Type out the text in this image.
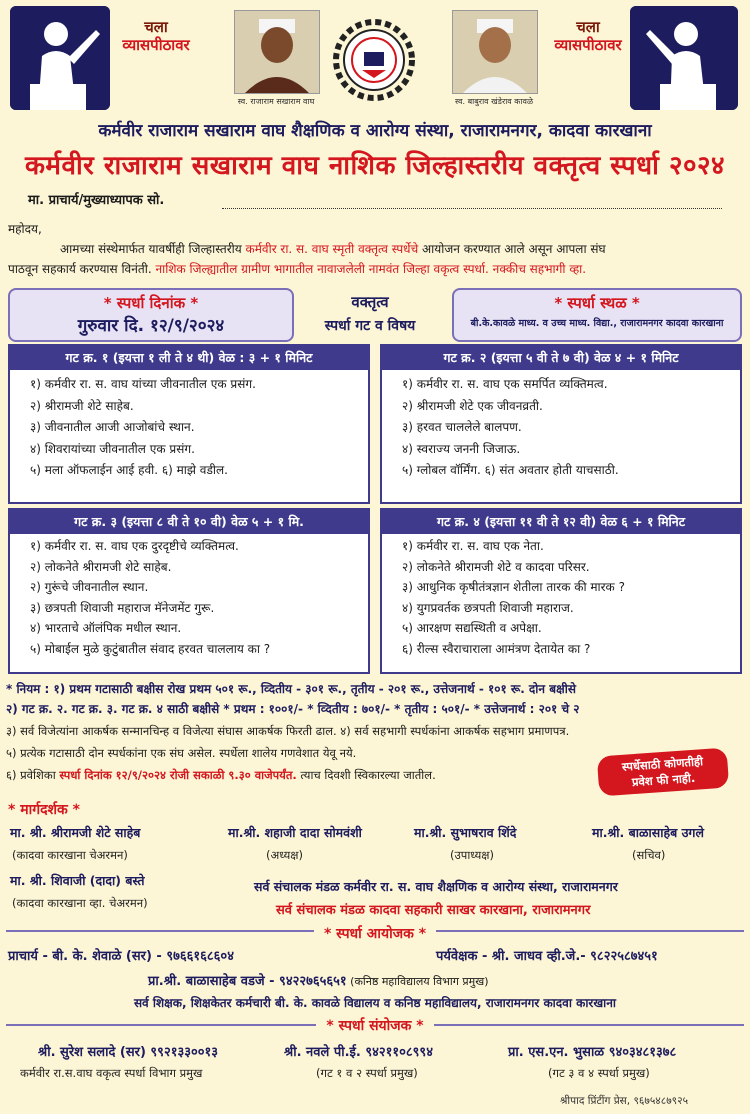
चला
व्यासपीठावर
स्व. राजाराम सखाराम वाघ	स्व. बाबुराव खंडेराव कावळे
चला
व्यासपीठावर
कर्मवीर राजाराम सखाराम वाघ शैक्षणिक व आरोग्य संस्था, राजारामनगर, कादवा कारखाना
कर्मवीर राजाराम सखाराम वाघ नाशिक जिल्हास्तरीय वक्तृत्व स्पर्धा २०२४
मा. प्राचार्य/मुख्याध्यापक सो.
महोदय,
आमच्या संस्थेमार्फत यावर्षीही जिल्हास्तरीय कर्मवीर रा. स. वाघ स्मृती वक्तृत्व स्पर्धेचे आयोजन करण्यात आले असून आपला संघ
पाठवून सहकार्य करण्यास विनंती. नाशिक जिल्ह्यातील ग्रामीण भागातील नावाजलेली नामवंत जिल्हा वकृत्व स्पर्धा. नक्कीच सहभागी व्हा.
* स्पर्धा दिनांक *
गुरुवार दि. १२/९/२०२४
वक्तृत्व
स्पर्धा गट व विषय
* स्पर्धा स्थळ *
बी.के.कावळे माध्य. व उच्च माध्य. विद्या., राजारामनगर कादवा कारखाना
गट क्र. १ (इयत्ता १ ली ते ४ थी) वेळ : ३ + १ मिनिट
१) कर्मवीर रा. स. वाघ यांच्या जीवनातील एक प्रसंग.
२) श्रीरामजी शेटे साहेब.
३) जीवनातील आजी आजोबांचे स्थान.
४) शिवरायांच्या जीवनातील एक प्रसंग.
५) मला ऑफलाईन आई हवी. ६) माझे वडील.
गट क्र. २ (इयत्ता ५ वी ते ७ वी) वेळ ४ + १ मिनिट
१) कर्मवीर रा. स. वाघ एक समर्पित व्यक्तिमत्व.
२) श्रीरामजी शेटे एक जीवनव्रती.
३) हरवत चाललेले बालपण.
४) स्वराज्य जननी जिजाऊ.
५) ग्लोबल वॉर्मिंग. ६) संत अवतार होती याचसाठी.
गट क्र. ३ (इयत्ता ८ वी ते १० वी) वेळ ५ + १ मि.
१) कर्मवीर रा. स. वाघ एक दुरदृष्टीचे व्यक्तिमत्व.
२) लोकनेते श्रीरामजी शेटे साहेब.
२) गुरूंचे जीवनातील स्थान.
३) छत्रपती शिवाजी महाराज मॅनेजमेंट गुरू.
४) भारताचे ऑलंपिक मधील स्थान.
५) मोबाईल मुळे कुटुंबातील संवाद हरवत चाललाय का ?
गट क्र. ४ (इयत्ता ११ वी ते १२ वी) वेळ ६ + १ मिनिट
१) कर्मवीर रा. स. वाघ एक नेता.
२) लोकनेते श्रीरामजी शेटे व कादवा परिसर.
३) आधुनिक कृषीतंत्रज्ञान शेतीला तारक की मारक ?
४) युगप्रवर्तक छत्रपती शिवाजी महाराज.
५) आरक्षण सद्यस्थिती व अपेक्षा.
६) रील्स स्वैराचाराला आमंत्रण देतायेत का ?
* नियम : १) प्रथम गटासाठी बक्षीस रोख प्रथम ५०१ रू., व्दितीय - ३०१ रू., तृतीय - २०१ रू., उत्तेजनार्थ - १०१ रू. दोन बक्षीसे
२) गट क्र. २. गट क्र. ३. गट क्र. ४ साठी बक्षीसे * प्रथम : १००१/- * व्दितीय : ७०१/- * तृतीय : ५०१/- * उत्तेजनार्थ : २०१ चे २
३) सर्व विजेत्यांना आकर्षक सन्मानचिन्ह व विजेत्या संघास आकर्षक फिरती ढाल. ४) सर्व सहभागी स्पर्धकांना आकर्षक सहभाग प्रमाणपत्र.
५) प्रत्येक गटासाठी दोन स्पर्धकांना एक संघ असेल. स्पर्धेला शालेय गणवेशात येवू नये.
६) प्रवेशिका स्पर्धा दिनांक १२/९/२०२४ रोजी सकाळी ९.३० वाजेपर्यंत. त्याच दिवशी स्विकारल्या जातील.
स्पर्धेसाठी कोणतीही
प्रवेश फी नाही.
* मार्गदर्शक *
मा. श्री. श्रीरामजी शेटे साहेब
(कादवा कारखाना चेअरमन)
मा.श्री. शहाजी दादा सोमवंशी
(अध्यक्ष)
मा.श्री. सुभाषराव शिंदे
(उपाध्यक्ष)
मा.श्री. बाळासाहेब उगले
(सचिव)
मा. श्री. शिवाजी (दादा) बस्ते
(कादवा कारखाना व्हा. चेअरमन)
सर्व संचालक मंडळ कर्मवीर रा. स. वाघ शैक्षणिक व आरोग्य संस्था, राजारामनगर
सर्व संचालक मंडळ कादवा सहकारी साखर कारखाना, राजारामनगर
* स्पर्धा आयोजक *
प्राचार्य - बी. के. शेवाळे (सर) - ९७६६१६८६०४	पर्यवेक्षक - श्री. जाधव व्ही.जे.- ९८२२५८७४५१
प्रा.श्री. बाळासाहेब वडजे - ९४२२७६५६५१ (कनिष्ठ महाविद्यालय विभाग प्रमुख)
सर्व शिक्षक, शिक्षकेतर कर्मचारी बी. के. कावळे विद्यालय व कनिष्ठ महाविद्यालय, राजारामनगर कादवा कारखाना
* स्पर्धा संयोजक *
श्री. सुरेश सलादे (सर) ९९२१३३००१३
कर्मवीर रा.स.वाघ वकृत्व स्पर्धा विभाग प्रमुख
श्री. नवले पी.ई. ९४२११०८९९४
(गट १ व २ स्पर्धा प्रमुख)
प्रा. एस.एन. भुसाळ ९४०३४८१३७८
(गट ३ व ४ स्पर्धा प्रमुख)
श्रीपाद प्रिंटींग प्रेस, ९६७५४८७९२५
